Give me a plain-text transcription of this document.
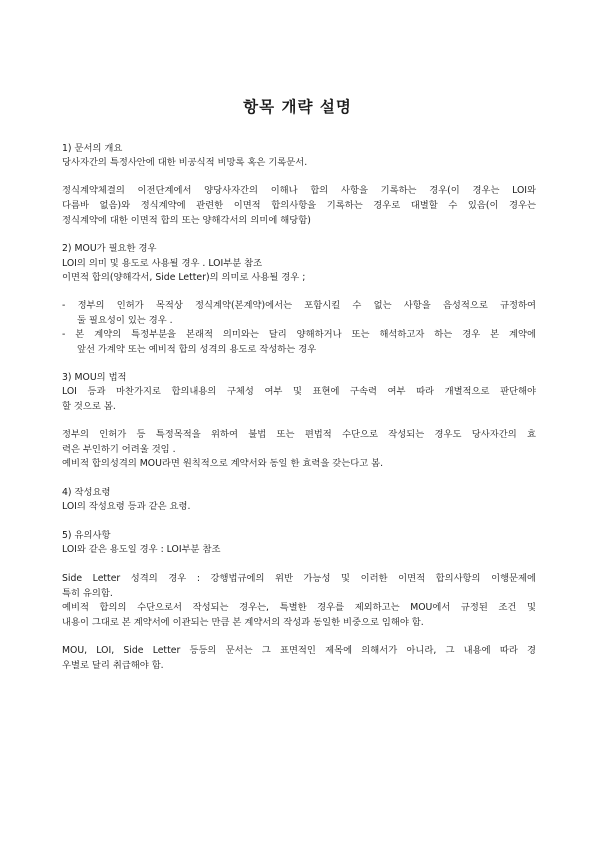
항목 개략 설명
1) 문서의 개요
당사자간의 특정사안에 대한 비공식적 비망록 혹은 기록문서.
정식계약체결의 이전단계에서 양당사자간의 이해나 합의 사항을 기록하는 경우(이 경우는 LOI와
다름바 없음)와 정식계약에 관련한 이면적 합의사항을 기록하는 경우로 대별할 수 있음(이 경우는
정식계약에 대한 이면적 합의 또는 양해각서의 의미에 해당함)
2) MOU가 필요한 경우
LOI의 의미 및 용도로 사용될 경우 . LOI부분 참조
이면적 합의(양해각서, Side Letter)의 의미로 사용될 경우 ;
- 정부의 인허가 목적상 정식계약(본계약)에서는 포함시킬 수 없는 사항을 음성적으로 규정하여
둘 필요성이 있는 경우 .
- 본 계약의 특정부분을 본래적 의미와는 달리 양해하거나 또는 해석하고자 하는 경우 본 계약에
앞선 가계약 또는 예비적 합의 성격의 용도로 작성하는 경우
3) MOU의 법적
LOI 등과 마찬가지로 합의내용의 구체성 여부 및 표현에 구속력 여부 따라 개별적으로 판단해야
할 것으로 봄.
정부의 인허가 등 특정목적을 위하여 불법 또는 편법적 수단으로 작성되는 경우도 당사자간의 효
력은 부인하기 어려울 것임 .
예비적 합의성격의 MOU라면 원칙적으로 계약서와 동일 한 효력을 갖는다고 봄.
4) 작성요령
LOI의 작성요령 등과 같은 요령.
5) 유의사항
LOI와 같은 용도일 경우 : LOI부분 참조
Side Letter 성격의 경우 : 강행법규에의 위반 가능성 및 이러한 이면적 합의사항의 이행문제에
특히 유의함.
예비적 합의의 수단으로서 작성되는 경우는, 특별한 경우를 제외하고는 MOU에서 규정된 조건 및
내용이 그대로 본 계약서에 이관되는 만큼 본 계약서의 작성과 동일한 비중으로 임해야 함.
MOU, LOI, Side Letter 등등의 문서는 그 표면적인 제목에 의해서가 아니라, 그 내용에 따라 경
우별로 달리 취급해야 함.
